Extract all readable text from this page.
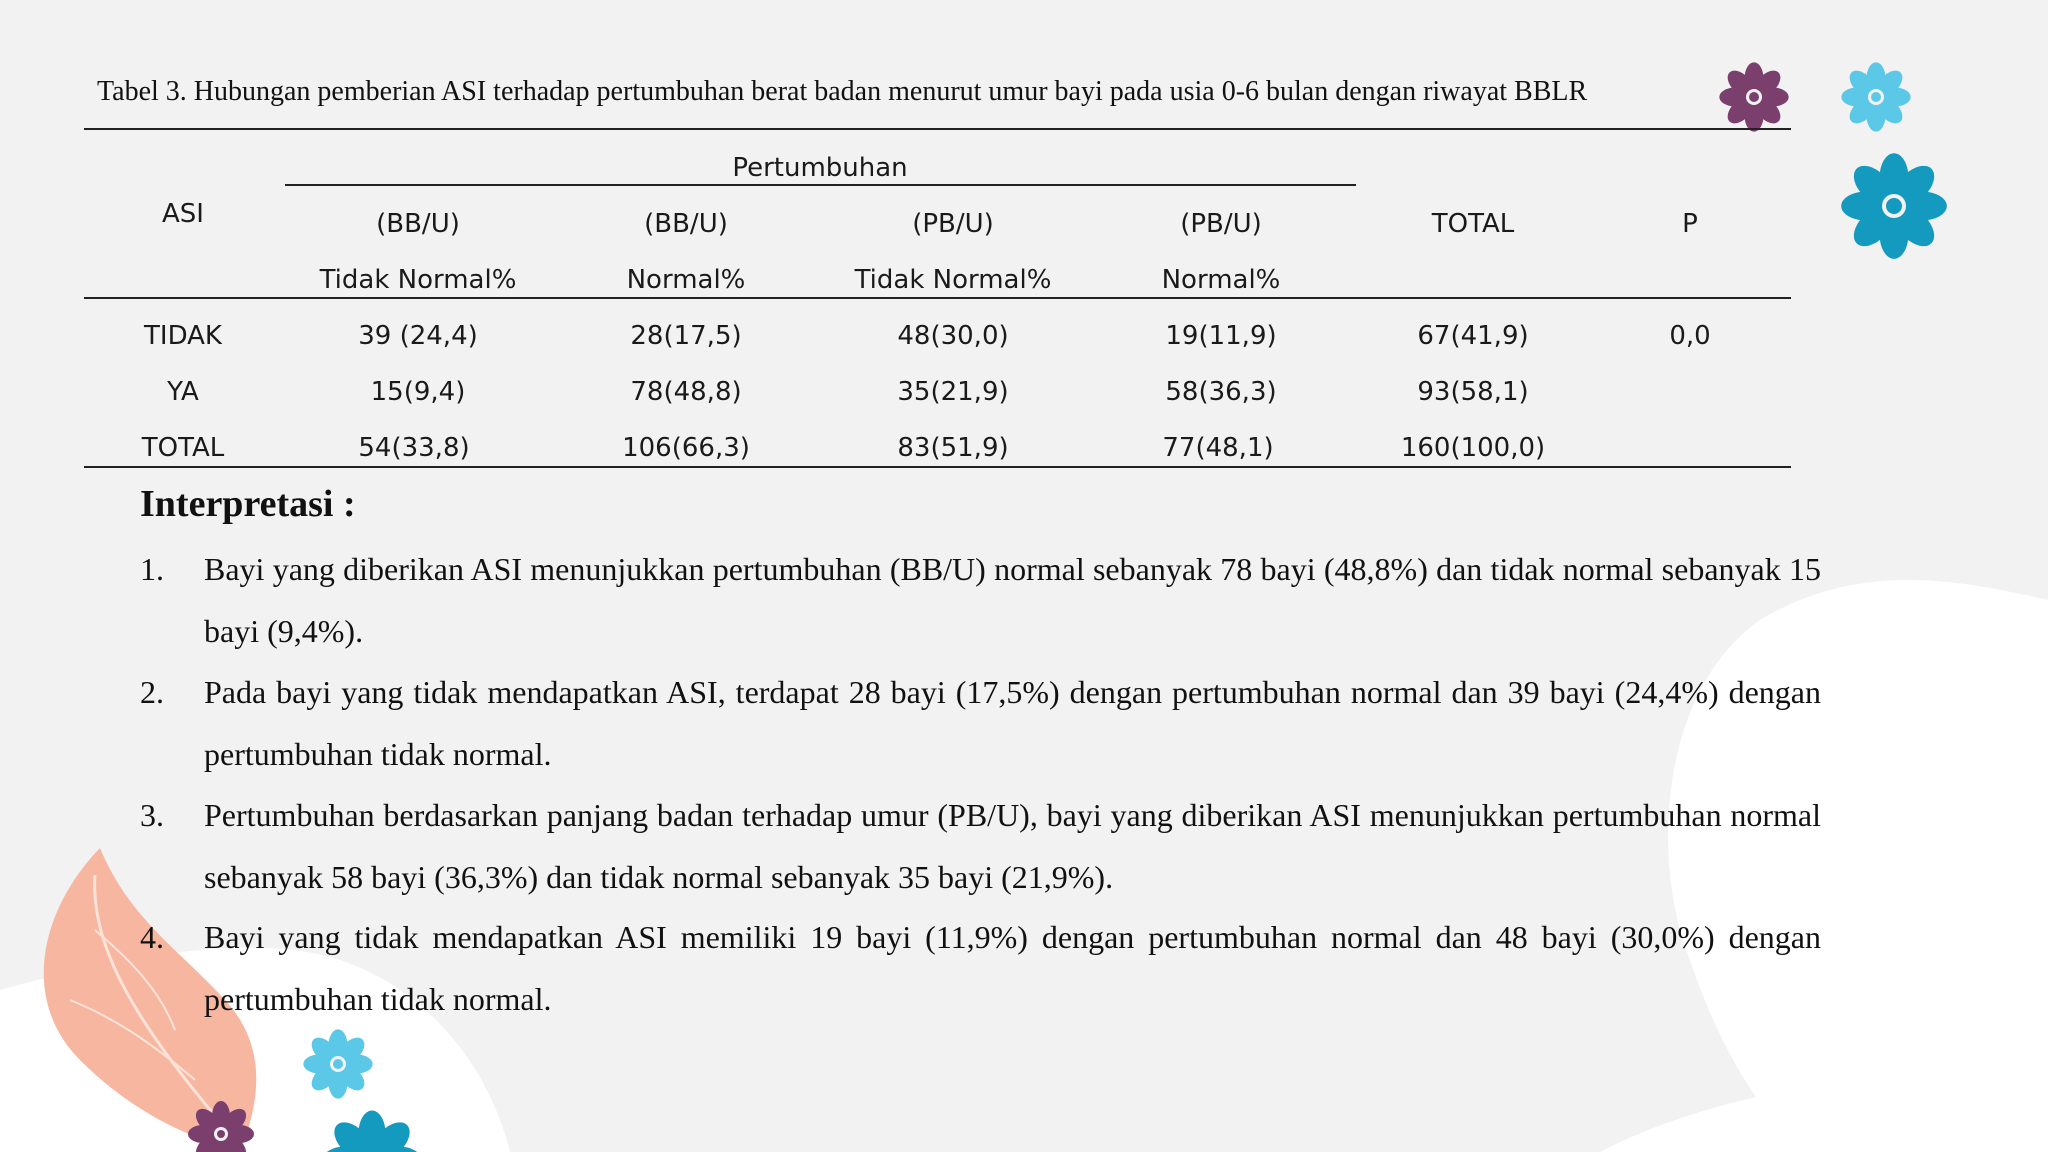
Tabel 3. Hubungan pemberian ASI terhadap pertumbuhan berat badan menurut umur bayi pada usia 0-6 bulan dengan riwayat BBLR
ASI
Pertumbuhan
(BB/U)	(BB/U)	(PB/U)	(PB/U)
Tidak Normal%	Normal%	Tidak Normal%	Normal%
TOTAL	P
TIDAK	39 (24,4)	28(17,5)	48(30,0)	19(11,9)	67(41,9)	0,0
YA	15(9,4)	78(48,8)	35(21,9)	58(36,3)	93(58,1)
TOTAL	54(33,8)	106(66,3)	83(51,9)	77(48,1)	160(100,0)
Interpretasi :
1. Bayi yang diberikan ASI menunjukkan pertumbuhan (BB/U) normal sebanyak 78 bayi (48,8%) dan tidak normal sebanyak 15 bayi (9,4%).
2. Pada bayi yang tidak mendapatkan ASI, terdapat 28 bayi (17,5%) dengan pertumbuhan normal dan 39 bayi (24,4%) dengan pertumbuhan tidak normal.
3. Pertumbuhan berdasarkan panjang badan terhadap umur (PB/U), bayi yang diberikan ASI menunjukkan pertumbuhan normal sebanyak 58 bayi (36,3%) dan tidak normal sebanyak 35 bayi (21,9%).
4. Bayi yang tidak mendapatkan ASI memiliki 19 bayi (11,9%) dengan pertumbuhan normal dan 48 bayi (30,0%) dengan pertumbuhan tidak normal.
